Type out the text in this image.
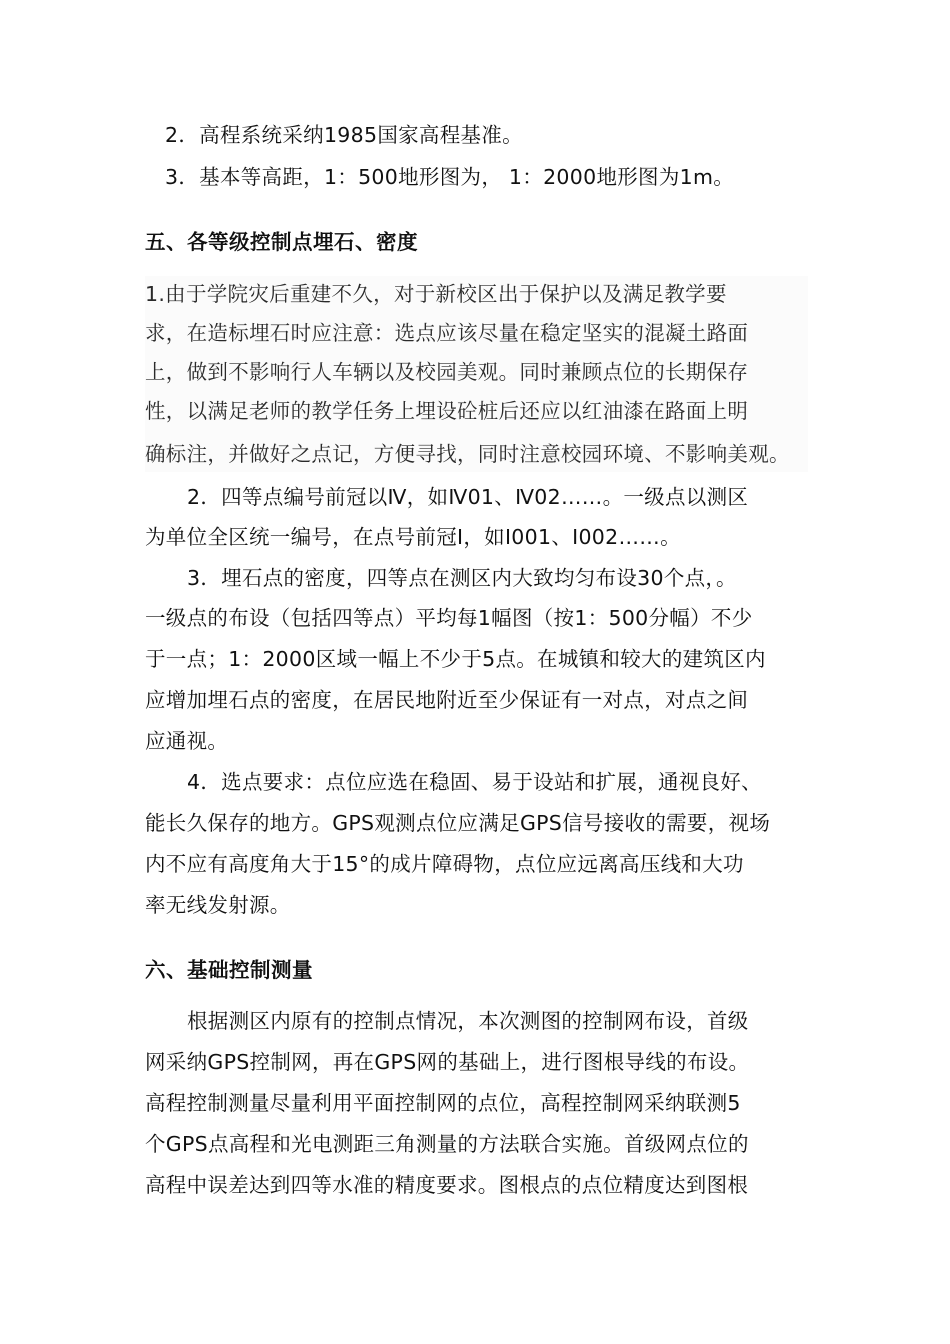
2．高程系统采纳1985国家高程基准。
3．基本等高距，1：500地形图为， 1：2000地形图为1m。
五、各等级控制点埋石、密度
1.由于学院灾后重建不久，对于新校区出于保护以及满足教学要
求，在造标埋石时应注意：选点应该尽量在稳定坚实的混凝土路面
上，做到不影响行人车辆以及校园美观。同时兼顾点位的长期保存
性，以满足老师的教学任务上埋设砼桩后还应以红油漆在路面上明
确标注，并做好之点记，方便寻找，同时注意校园环境、不影响美观。
2．四等点编号前冠以Ⅳ，如Ⅳ01、Ⅳ02……。一级点以测区
为单位全区统一编号，在点号前冠Ⅰ，如Ⅰ001、Ⅰ002……。
3．埋石点的密度，四等点在测区内大致均匀布设30个点，。
一级点的布设（包括四等点）平均每1幅图（按1：500分幅）不少
于一点；1：2000区域一幅上不少于5点。在城镇和较大的建筑区内
应增加埋石点的密度，在居民地附近至少保证有一对点，对点之间
应通视。
4．选点要求：点位应选在稳固、易于设站和扩展，通视良好、
能长久保存的地方。GPS观测点位应满足GPS信号接收的需要，视场
内不应有高度角大于15°的成片障碍物，点位应远离高压线和大功
率无线发射源。
六、基础控制测量
根据测区内原有的控制点情况，本次测图的控制网布设，首级
网采纳GPS控制网，再在GPS网的基础上，进行图根导线的布设。
高程控制测量尽量利用平面控制网的点位，高程控制网采纳联测5
个GPS点高程和光电测距三角测量的方法联合实施。首级网点位的
高程中误差达到四等水准的精度要求。图根点的点位精度达到图根
